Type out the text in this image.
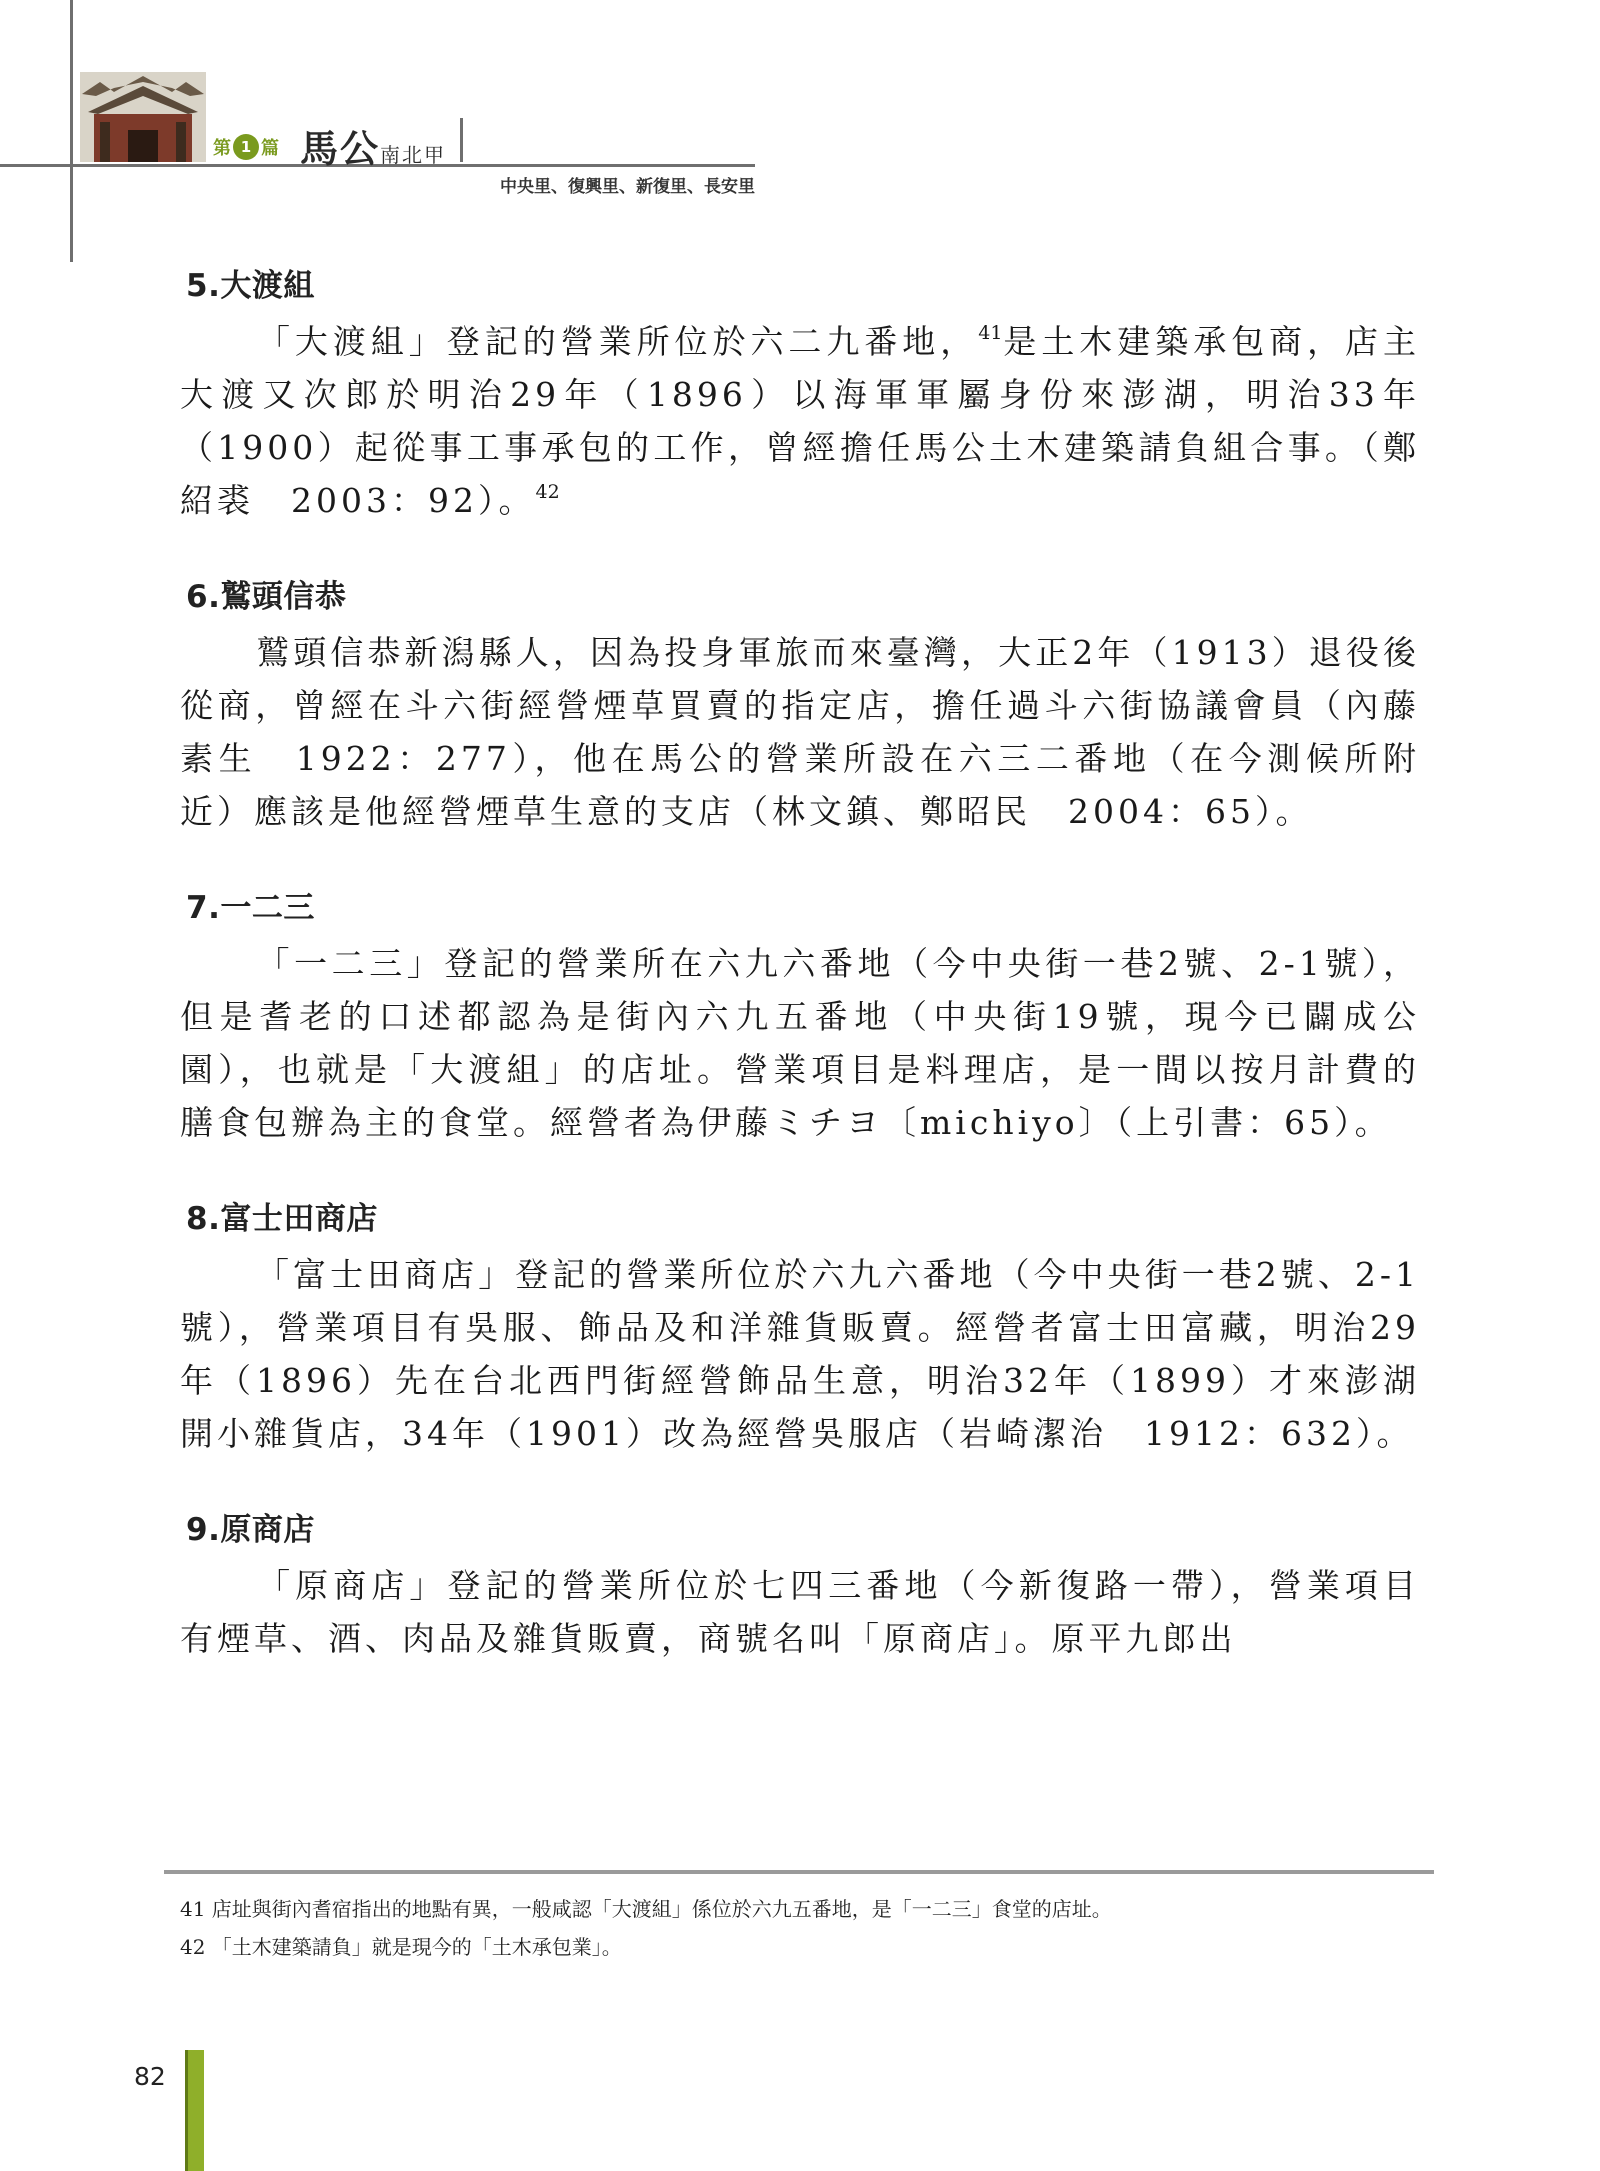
第 1 篇 馬公南北甲
中央里、復興里、新復里、長安里
5.大渡組

「大渡組」登記的營業所位於六二九番地，$^{41}$是土木建築承包商，店主大渡又次郎於明治29年（1896）以海軍軍屬身份來澎湖，明治33年（1900）起從事工事承包的工作，曾經擔任馬公土木建築請負組合事。（鄭紹裘　2003：92）。$^{42}$

6.鷲頭信恭

鷲頭信恭新潟縣人，因為投身軍旅而來臺灣，大正2年（1913）退役後從商，曾經在斗六街經營煙草買賣的指定店，擔任過斗六街協議會員（內藤素生　1922：277），他在馬公的營業所設在六三二番地（在今測候所附近）應該是他經營煙草生意的支店（林文鎮、鄭昭民　2004：65）。

7.一二三

「一二三」登記的營業所在六九六番地（今中央街一巷2號、2-1號），但是耆老的口述都認為是街內六九五番地（中央街19號，現今已闢成公園），也就是「大渡組」的店址。營業項目是料理店，是一間以按月計費的膳食包辦為主的食堂。經營者為伊藤ミチヨ〔michiyo〕（上引書：65）。

8.富士田商店

「富士田商店」登記的營業所位於六九六番地（今中央街一巷2號、2-1號），營業項目有吳服、飾品及和洋雜貨販賣。經營者富士田富藏，明治29年（1896）先在台北西門街經營飾品生意，明治32年（1899）才來澎湖開小雜貨店，34年（1901）改為經營吳服店（岩崎潔治　1912：632）。

9.原商店

「原商店」登記的營業所位於七四三番地（今新復路一帶），營業項目有煙草、酒、肉品及雜貨販賣，商號名叫「原商店」。原平九郎出

41 店址與街內耆宿指出的地點有異，一般咸認「大渡組」係位於六九五番地，是「一二三」食堂的店址。

42 「土木建築請負」就是現今的「土木承包業」。

82
